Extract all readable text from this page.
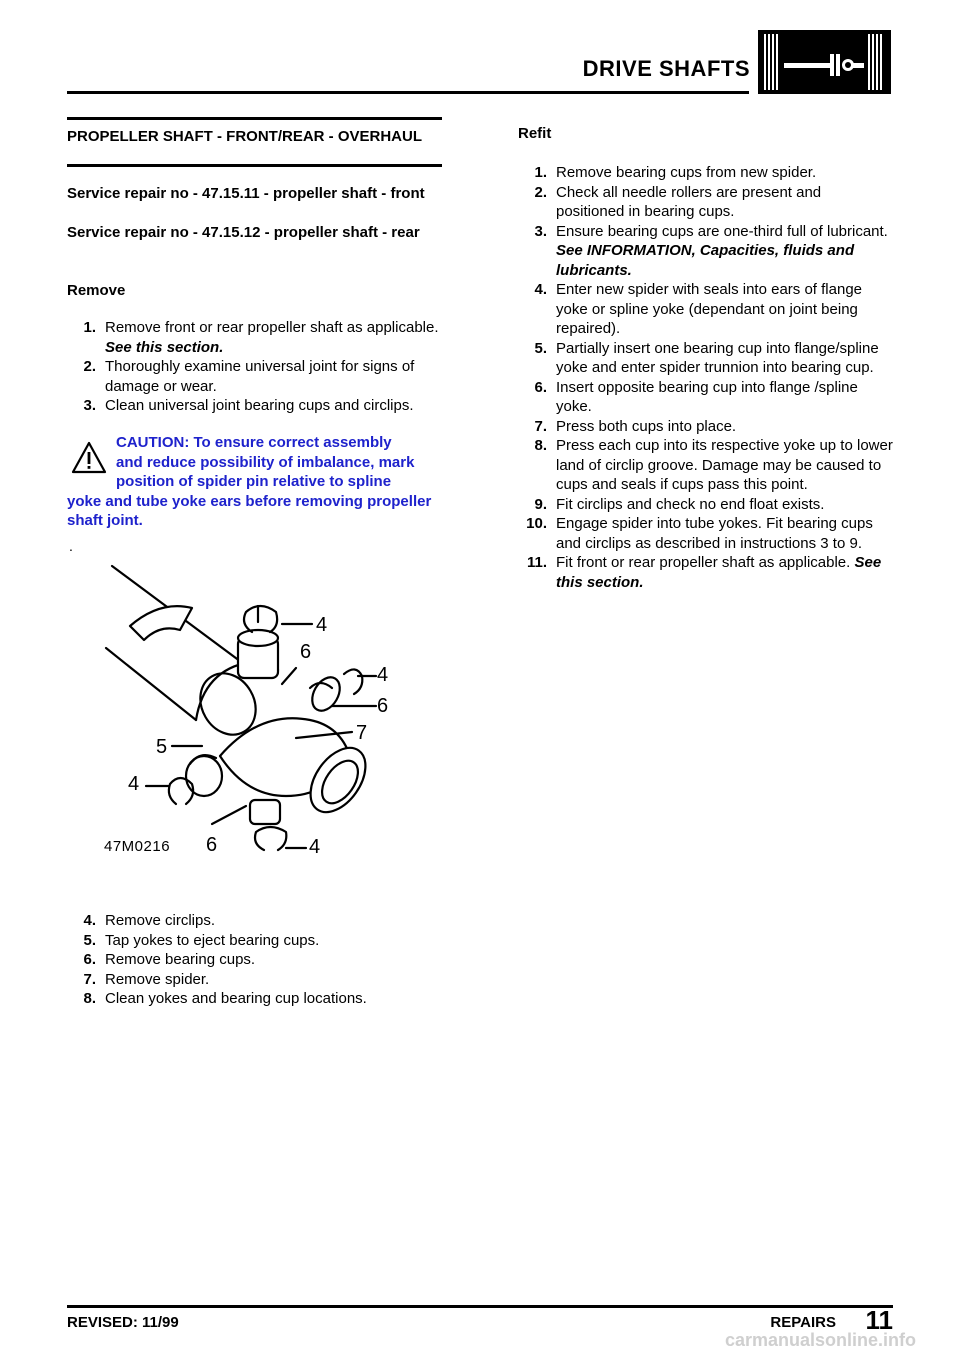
DRIVE SHAFTS
PROPELLER SHAFT - FRONT/REAR - OVERHAUL
Service repair no - 47.15.11 - propeller shaft - front
Service repair no - 47.15.12 - propeller shaft - rear
Remove
1. Remove front or rear propeller shaft as applicable. See this section.
2. Thoroughly examine universal joint for signs of damage or wear.
3. Clean universal joint bearing cups and circlips.
CAUTION: To ensure correct assembly
and reduce possibility of imbalance, mark
position of spider pin relative to spline
yoke and tube yoke ears before removing propeller shaft joint.
.
4
6
4
6
7
5
4
6	4
47M0216
4. Remove circlips.
5. Tap yokes to eject bearing cups.
6. Remove bearing cups.
7. Remove spider.
8. Clean yokes and bearing cup locations.
Refit
1. Remove bearing cups from new spider.
2. Check all needle rollers are present and positioned in bearing cups.
3. Ensure bearing cups are one-third full of lubricant. See INFORMATION, Capacities, fluids and lubricants.
4. Enter new spider with seals into ears of flange yoke or spline yoke (dependant on joint being repaired).
5. Partially insert one bearing cup into flange/spline yoke and enter spider trunnion into bearing cup.
6. Insert opposite bearing cup into flange /spline yoke.
7. Press both cups into place.
8. Press each cup into its respective yoke up to lower land of circlip groove. Damage may be caused to cups and seals if cups pass this point.
9. Fit circlips and check no end float exists.
10. Engage spider into tube yokes. Fit bearing cups and circlips as described in instructions 3 to 9.
11. Fit front or rear propeller shaft as applicable. See this section.
REVISED: 11/99	REPAIRS 11
carmanualsonline.info
